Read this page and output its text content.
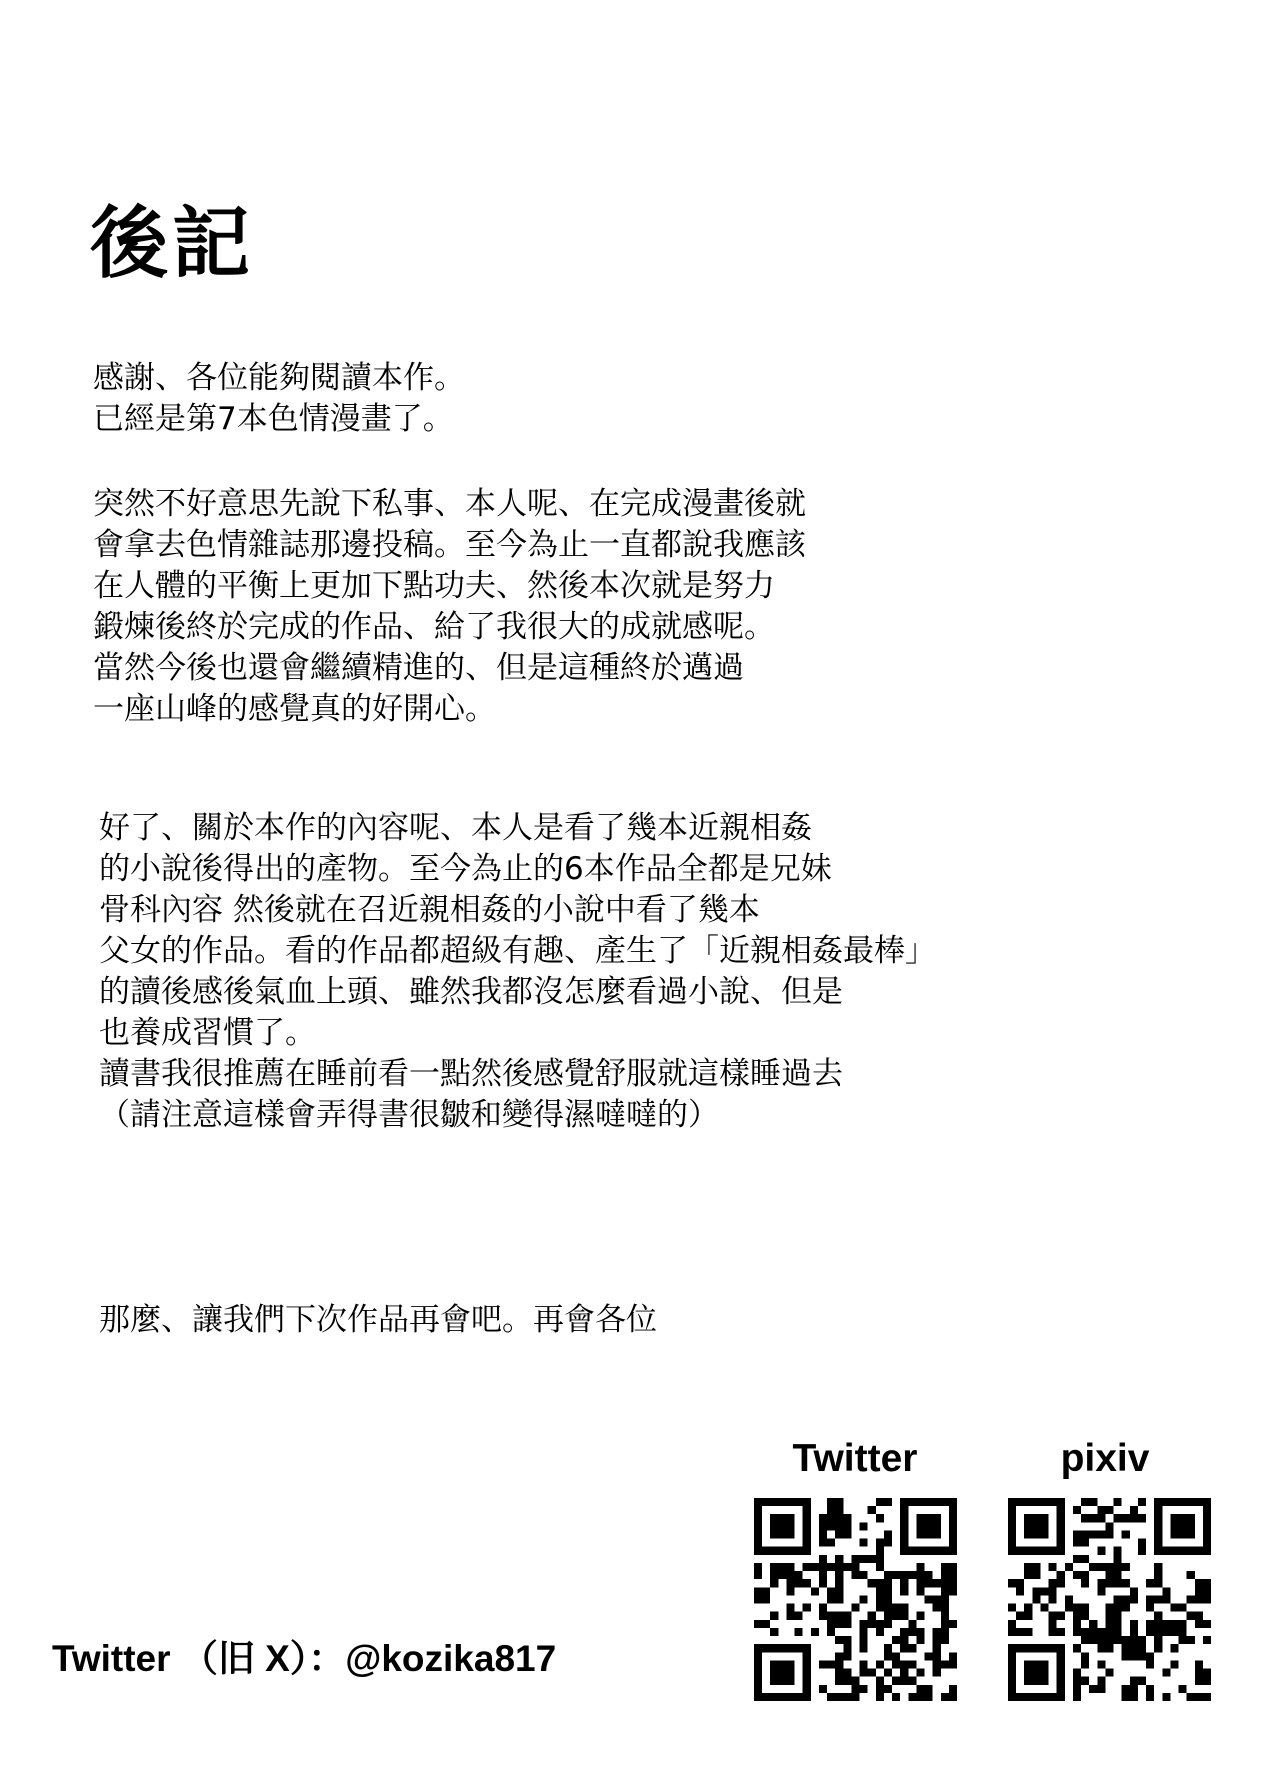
後記
感謝、各位能夠閱讀本作。
已經是第7本色情漫畫了。
突然不好意思先說下私事、本人呢、在完成漫畫後就
會拿去色情雜誌那邊投稿。至今為止一直都說我應該
在人體的平衡上更加下點功夫、然後本次就是努力
鍛煉後終於完成的作品、給了我很大的成就感呢。
當然今後也還會繼續精進的、但是這種終於邁過
一座山峰的感覺真的好開心。
好了、關於本作的內容呢、本人是看了幾本近親相姦
的小說後得出的產物。至今為止的6本作品全都是兄妹
骨科內容 然後就在召近親相姦的小說中看了幾本
父女的作品。看的作品都超級有趣、產生了「近親相姦最棒」
的讀後感後氣血上頭、雖然我都沒怎麼看過小說、但是
也養成習慣了。
讀書我很推薦在睡前看一點然後感覺舒服就這樣睡過去
（請注意這樣會弄得書很皺和變得濕噠噠的）
那麼、讓我們下次作品再會吧。再會各位
Twitter （旧 X）：@kozika817
Twitter	pixiv
